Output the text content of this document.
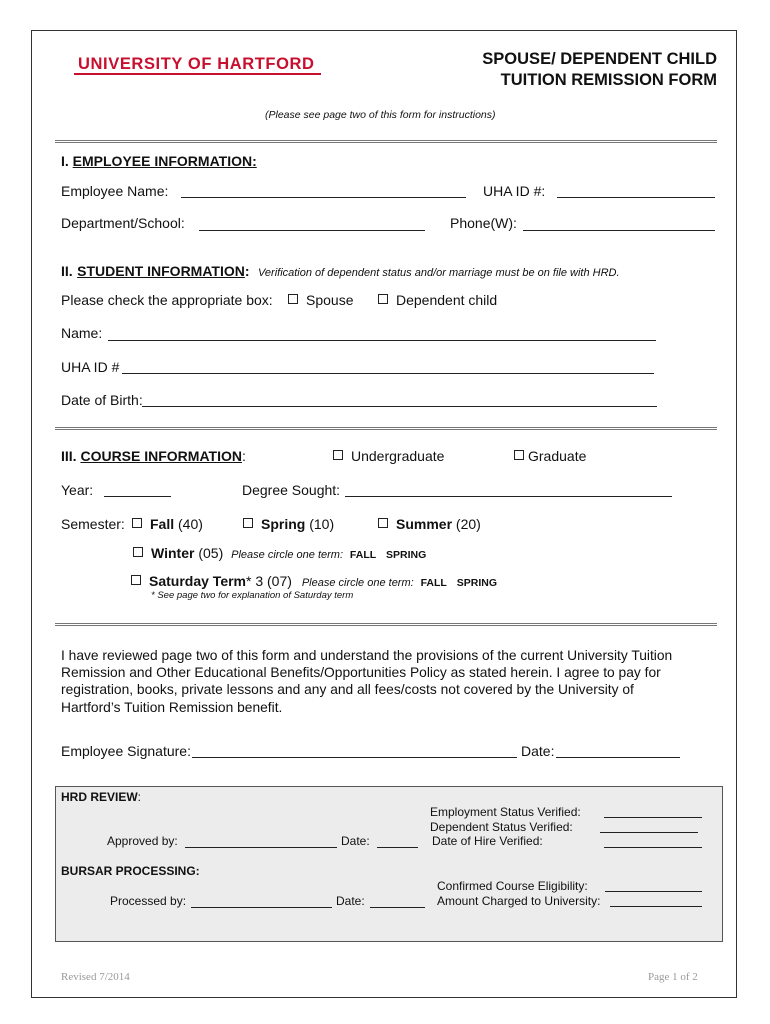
UNIVERSITY OF HARTFORD	SPOUSE/ DEPENDENT CHILD
TUITION REMISSION FORM
(Please see page two of this form for instructions)
I. EMPLOYEE INFORMATION:
Employee Name:	UHA ID #:
Department/School:	Phone(W):
II. STUDENT INFORMATION: Verification of dependent status and/or marriage must be on file with HRD.
Please check the appropriate box:	Spouse	Dependent child
Name:
UHA ID #
Date of Birth:
III. COURSE INFORMATION:	Undergraduate	Graduate
Year:	Degree Sought:
Semester:	Fall (40)	Spring (10)	Summer (20)
Winter (05) Please circle one term: FALL SPRING
Saturday Term* 3 (07) Please circle one term: FALL SPRING
* See page two for explanation of Saturday term
I have reviewed page two of this form and understand the provisions of the current University Tuition Remission and Other Educational Benefits/Opportunities Policy as stated herein. I agree to pay for registration, books, private lessons and any and all fees/costs not covered by the University of Hartford’s Tuition Remission benefit.
Employee Signature:	Date:
HRD REVIEW:
Employment Status Verified:
Dependent Status Verified:
Approved by:	Date:	Date of Hire Verified:
BURSAR PROCESSING:
Confirmed Course Eligibility:
Processed by:	Date:	Amount Charged to University:
Revised 7/2014	Page 1 of 2
